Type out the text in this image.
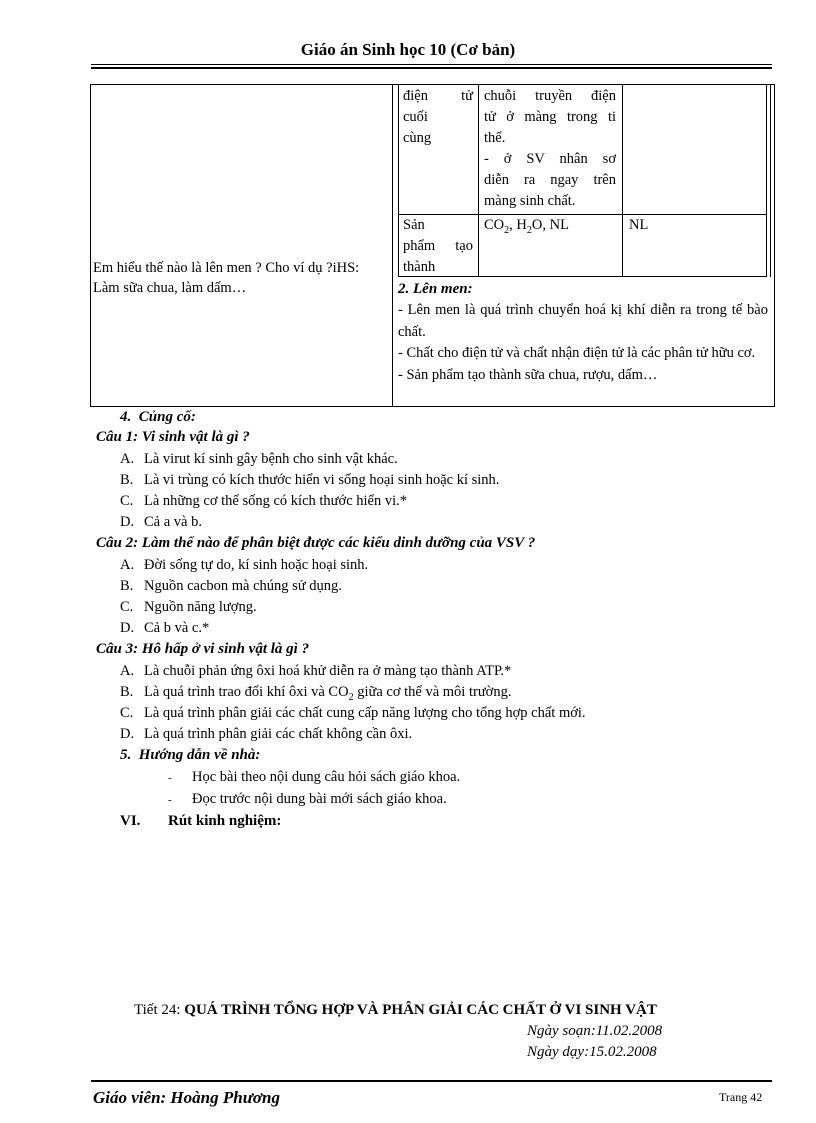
Giáo án Sinh học 10 (Cơ bản)
Em hiểu thế nào là lên men ? Cho ví dụ ?iHS: Làm sữa chua, làm dấm…
điện tử
cuối
cùng
chuỗi truyền điện
tử ở màng trong ti
thể.
- ở SV nhân sơ
diễn ra ngay trên
màng sinh chất.
Sản
phẩm tạo
thành
$CO_2$, $H_2O$, NL	NL
2. Lên men:

- Lên men là quá trình chuyển hoá kị khí diễn ra trong tế bào chất.

- Chất cho điện tử và chất nhận điện tử là các phân tử hữu cơ.

- Sản phẩm tạo thành sữa chua, rượu, dấm…

4. Củng cố:
Câu 1: Vi sinh vật là gì ?
A. Là virut kí sinh gây bệnh cho sinh vật khác.
B. Là vi trùng có kích thước hiển vi sống hoại sinh hoặc kí sinh.
C. Là những cơ thể sống có kích thước hiển vi.*
D. Cả a và b.
Câu 2: Làm thế nào để phân biệt được các kiểu dinh dưỡng của VSV ?
A. Đời sống tự do, kí sinh hoặc hoại sinh.
B. Nguồn cacbon mà chúng sử dụng.
C. Nguồn năng lượng.
D. Cả b và c.*
Câu 3: Hô hấp ở vi sinh vật là gì ?
A. Là chuỗi phản ứng ôxi hoá khử diễn ra ở màng tạo thành ATP.*
B. Là quá trình trao đổi khí ôxi và $CO_2$ giữa cơ thể và môi trường.
C. Là quá trình phân giải các chất cung cấp năng lượng cho tổng hợp chất mới.
D. Là quá trình phân giải các chất không cần ôxi.
5. Hướng dẫn về nhà:
- Học bài theo nội dung câu hỏi sách giáo khoa.
- Đọc trước nội dung bài mới sách giáo khoa.
VI. Rút kinh nghiệm:
Tiết 24: QUÁ TRÌNH TỔNG HỢP VÀ PHÂN GIẢI CÁC CHẤT Ở VI SINH VẬT
Ngày soạn:11.02.2008
Ngày dạy:15.02.2008
Giáo viên: Hoàng Phương	Trang 42
